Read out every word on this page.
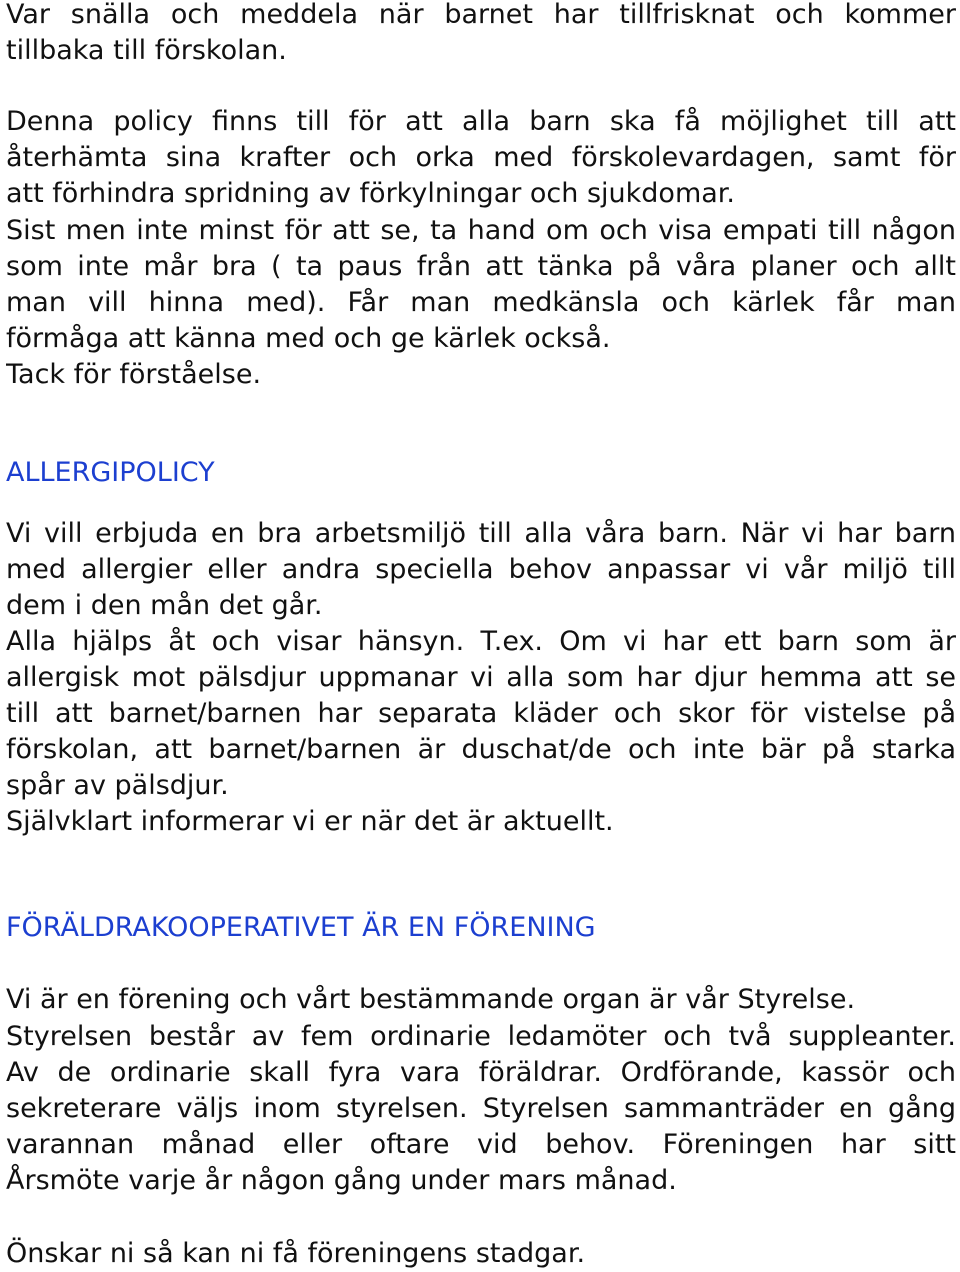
Var snälla och meddela när barnet har tillfrisknat och kommer
tillbaka till förskolan.
Denna policy finns till för att alla barn ska få möjlighet till att
återhämta sina krafter och orka med förskolevardagen, samt för
att förhindra spridning av förkylningar och sjukdomar.
Sist men inte minst för att se, ta hand om och visa empati till någon
som inte mår bra ( ta paus från att tänka på våra planer och allt
man vill hinna med). Får man medkänsla och kärlek får man
förmåga att känna med och ge kärlek också.
Tack för förståelse.
ALLERGIPOLICY
Vi vill erbjuda en bra arbetsmiljö till alla våra barn. När vi har barn
med allergier eller andra speciella behov anpassar vi vår miljö till
dem i den mån det går.
Alla hjälps åt och visar hänsyn. T.ex. Om vi har ett barn som är
allergisk mot pälsdjur uppmanar vi alla som har djur hemma att se
till att barnet/barnen har separata kläder och skor för vistelse på
förskolan, att barnet/barnen är duschat/de och inte bär på starka
spår av pälsdjur.
Självklart informerar vi er när det är aktuellt.
FÖRÄLDRAKOOPERATIVET ÄR EN FÖRENING
Vi är en förening och vårt bestämmande organ är vår Styrelse.
Styrelsen består av fem ordinarie ledamöter och två suppleanter.
Av de ordinarie skall fyra vara föräldrar. Ordförande, kassör och
sekreterare väljs inom styrelsen. Styrelsen sammanträder en gång
varannan månad eller oftare vid behov. Föreningen har sitt
Årsmöte varje år någon gång under mars månad.
Önskar ni så kan ni få föreningens stadgar.
